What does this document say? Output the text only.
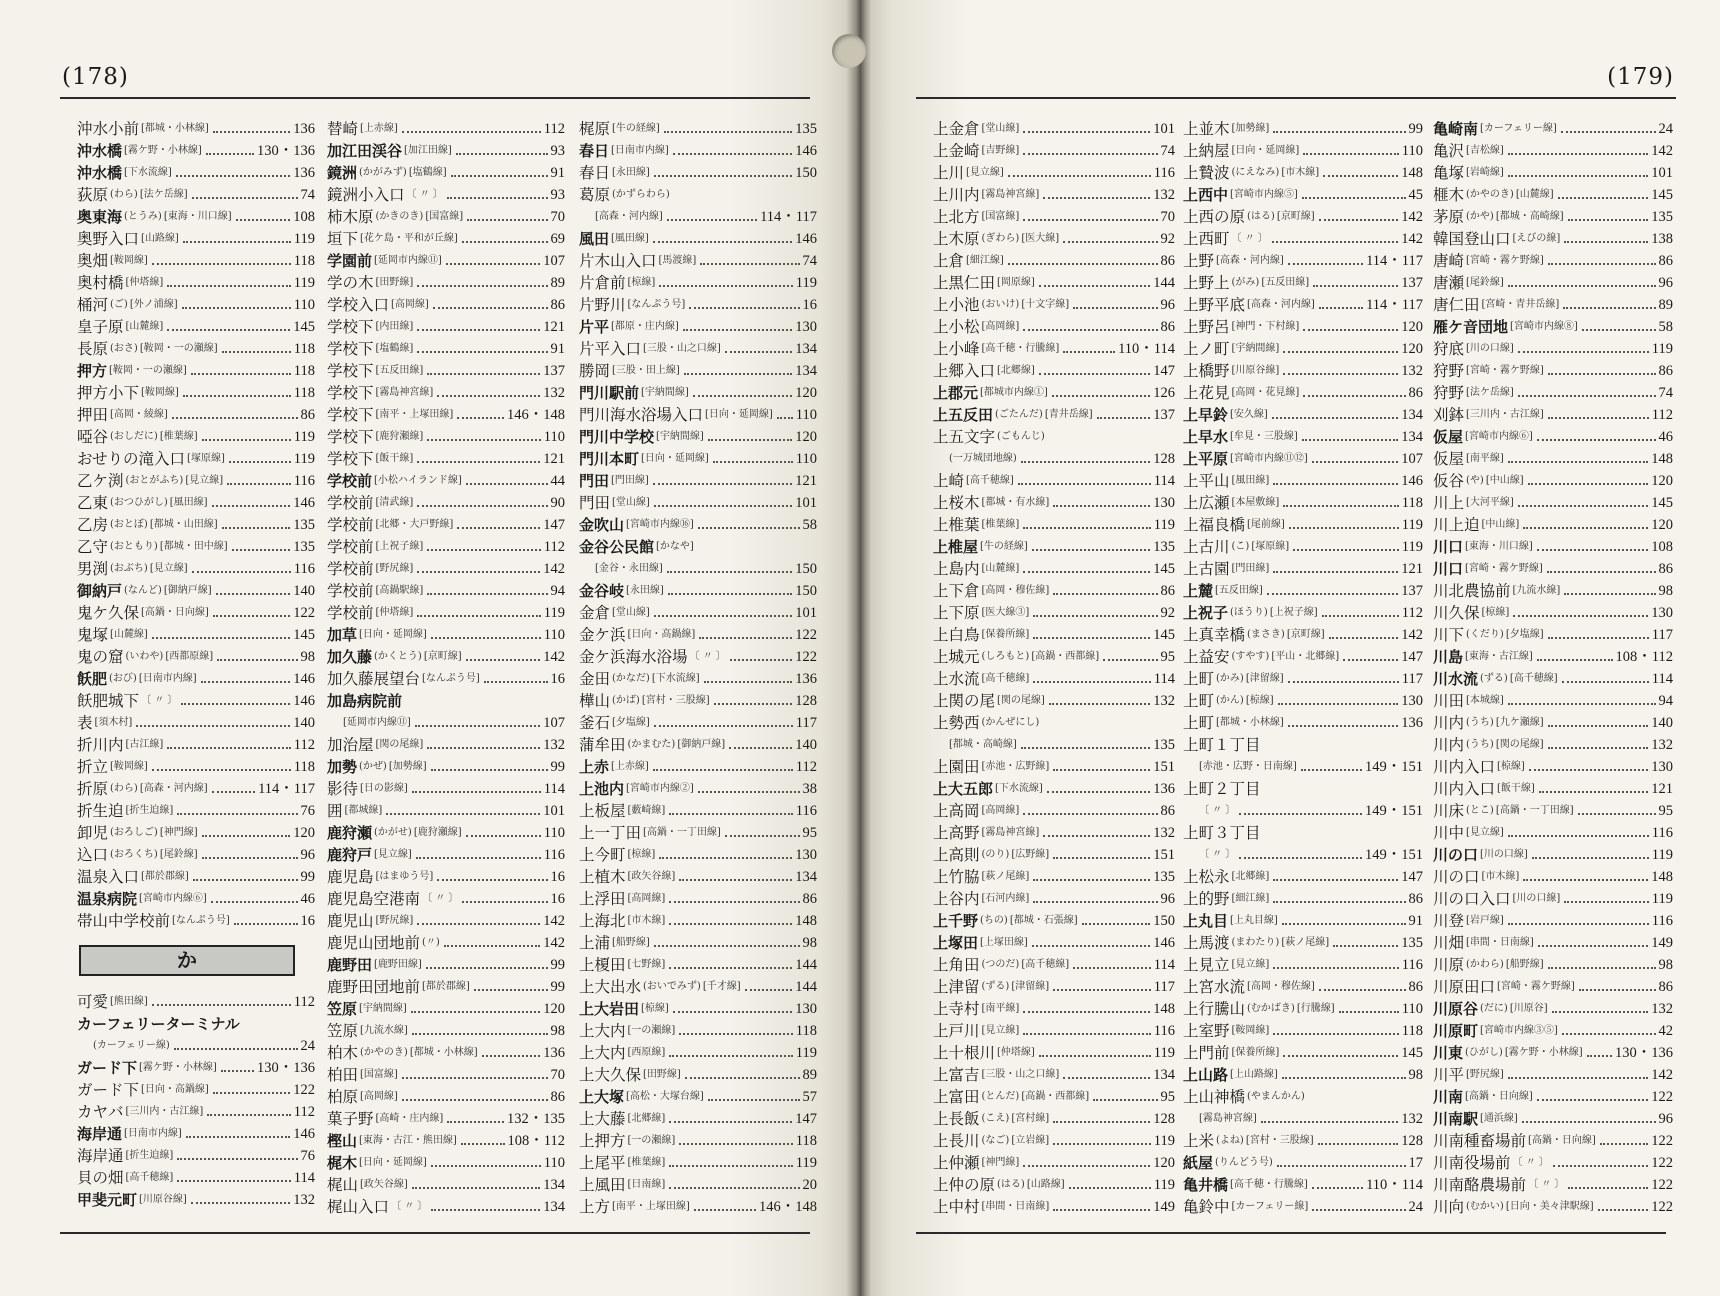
(178)
沖水小前 [都城・小林線]	136
沖水橋 [霧ケ野・小林線]	130・136
沖水橋 [下水流線]	136
荻原 (わら) [法ケ岳線]	74
奥東海 (とうみ) [東海・川口線]	108
奥野入口 [山路線]	119
奥畑 [鞍岡線]	118
奥村橋 [仲塔線]	119
桶河 (ご) [外ノ浦線]	110
皇子原 [山麓線]	145
長原 (おさ) [鞍岡・一の瀬線]	118
押方 [鞍岡・一の瀬線]	118
押方小下 [鞍岡線]	118
押田 [高岡・綾線]	86
啞谷 (おしだに) [椎葉線]	119
おせりの滝入口 [塚原線]	119
乙ケ渕 (おとがふち) [見立線]	116
乙東 (おつひがし) [風田線]	146
乙房 (おとぼ) [都城・山田線]	135
乙守 (おともり) [都城・田中線]	135
男渕 (おぶち) [見立線]	116
御納戸 (なんど) [御納戸線]	140
鬼ケ久保 [高鍋・日向線]	122
鬼塚 [山麓線]	145
鬼の窟 (いわや) [西都原線]	98
飫肥 (おび) [日南市内線]	146
飫肥城下 〔 〃 〕	146
表 [須木村]	140
折川内 [古江線]	112
折立 [鞍岡線]	118
折原 (わら) [高森・河内線]	114・117
折生迫 [折生迫線]	76
卸児 (おろしご) [神門線]	120
込口 (おろくち) [尾鈴線]	96
温泉入口 [都於郡線]	99
温泉病院 [宮崎市内線⑥]	46
帯山中学校前 [なんぷう号]	16
か
可愛 [熊田線]	112
カーフェリーターミナル
(カーフェリー線)	24
ガード下 [霧ケ野・小林線]	130・136
ガード下 [日向・高鍋線]	122
カヤバ [三川内・古江線]	112
海岸通 [日南市内線]	146
海岸通 [折生迫線]	76
貝の畑 [高千穂線]	114
甲斐元町 [川原谷線]	132
替崎 [上赤線]	112
加江田渓谷 [加江田線]	93
鏡洲 (かがみず) [塩鶴線]	91
鏡洲小入口 〔 〃 〕	93
柿木原 (かきのき) [国富線]	70
垣下 [花ケ島・平和が丘線]	69
学園前 [延岡市内線⑪]	107
学の木 [田野線]	89
学校入口 [高岡線]	86
学校下 [内田線]	121
学校下 [塩鶴線]	91
学校下 [五反田線]	137
学校下 [霧島神宮線]	132
学校下 [南平・上塚田線]	146・148
学校下 [鹿狩瀬線]	110
学校下 [飯干線]	121
学校前 [小松ハイランド線]	44
学校前 [清武線]	90
学校前 [北郷・大戸野線]	147
学校前 [上祝子線]	112
学校前 [野尻線]	142
学校前 [高鍋駅線]	94
学校前 [仲塔線]	119
加草 [日向・延岡線]	110
加久藤 (かくとう) [京町線]	142
加久藤展望台 [なんぷう号]	16
加島病院前
[延岡市内線⑪]	107
加治屋 [関の尾線]	132
加勢 (かぜ) [加勢線]	99
影待 [日の影線]	114
囲 [都城線]	101
鹿狩瀬 (かがせ) [鹿狩瀬線]	110
鹿狩戸 [見立線]	116
鹿児島 [はまゆう号]	16
鹿児島空港南 〔 〃 〕	16
鹿児山 [野尻線]	142
鹿児山団地前 (〃)	142
鹿野田 [鹿野田線]	99
鹿野田団地前 [都於郡線]	99
笠原 [宇納間線]	120
笠原 [九流水線]	98
柏木 (かやのき) [都城・小林線]	136
柏田 [国富線]	70
柏原 [高岡線]	86
菓子野 [高崎・庄内線]	132・135
樫山 [東海・古江・熊田線]	108・112
梶木 [日向・延岡線]	110
梶山 [政矢谷線]	134
梶山入口 〔 〃 〕	134
梶原 [牛の経線]	135
春日 [日南市内線]	146
春日 [永田線]	150
葛原 (かずらわら)
[高森・河内線]	114・117
風田 [風田線]	146
片木山入口 [馬渡線]	74
片倉前 [椋線]	119
片野川 [なんぷう号]	16
片平 [都原・庄内線]	130
片平入口 [三股・山之口線]	134
勝岡 [三股・田上線]	134
門川駅前 [宇納間線]	120
門川海水浴場入口 [日向・延岡線] 110
門川中学校 [宇納間線]	120
門川本町 [日向・延岡線]	110
門田 [門田線]	121
門田 [堂山線]	101
金吹山 [宮崎市内線⑯]	58
金谷公民館 [かなや]
[金谷・永田線]	150
金谷岐 [永田線]	150
金倉 [堂山線]	101
金ケ浜 [日向・高鍋線]	122
金ケ浜海水浴場 〔 〃 〕	122
金田 (かなだ) [下水流線]	136
樺山 (かば) [宮村・三股線]	128
釜石 [夕塩線]	117
蒲牟田 (かまむた) [御納戸線]	140
上赤 [上赤線]	112
上池内 [宮崎市内線②]	38
上板屋 [藪崎線]	116
上一丁田 [高鍋・一丁田線]	95
上今町 [椋線]	130
上植木 [政矢谷線]	134
上浮田 [高岡線]	86
上海北 [市木線]	148
上浦 [船野線]	98
上榎田 [七野線]	144
上大出水 (おいでみず) [千才線]	144
上大岩田 [椋線]	130
上大内 [一の瀬線]	118
上大内 [西原線]	119
上大久保 [田野線]	89
上大塚 [高松・大塚台線]	57
上大藤 [北郷線]	147
上押方 [一の瀬線]	118
上尾平 [椎葉線]	119
上風田 [日南線]	20
上方 [南平・上塚田線]	146・148
(179)
上金倉 [堂山線]	101
上金崎 [吉野線]	74
上川 [見立線]	116
上川内 [霧島神宮線]	132
上北方 [国富線]	70
上木原 (ぎわら) [医大線]	92
上倉 [細江線]	86
上黒仁田 [岡原線]	144
上小池 (おいけ) [十文字線]	96
上小松 [高岡線]	86
上小峰 [高千穂・行騰線]	110・114
上郷入口 [北郷線]	147
上郡元 [都城市内線①]	126
上五反田 (ごたんだ) [青井岳線]	137
上五文字 (ごもんじ)
(一万城団地線)	128
上崎 [高千穂線]	114
上桜木 [都城・有水線]	130
上椎葉 [椎葉線]	119
上椎屋 [牛の経線]	135
上島内 [山麓線]	145
上下倉 [高岡・穆佐線]	86
上下原 [医大線③]	92
上白鳥 [保養所線]	145
上城元 (しろもと) [高鍋・西都線]	95
上水流 [高千穂線]	114
上関の尾 [関の尾線]	132
上勢西 (かんぜにし)
[都城・高崎線]	135
上園田 [赤池・広野線]	151
上大五郎 [下水流線]	136
上高岡 [高岡線]	86
上高野 [霧島神宮線]	132
上高則 (のり) [広野線]	151
上竹脇 [萩ノ尾線]	135
上谷内 [石河内線]	96
上千野 (ちの) [都城・石張線]	150
上塚田 [上塚田線]	146
上角田 (つのだ) [高千穂線]	114
上津留 (ずる) [津留線]	117
上寺村 [南平線]	148
上戸川 [見立線]	116
上十根川 [仲塔線]	119
上富吉 [三股・山之口線]	134
上富田 (とんだ) [高鍋・西都線]	95
上長飯 (こえ) [宮村線]	128
上長川 (なご) [立岩線]	119
上仲瀬 [神門線]	120
上仲の原 (はる) [山路線]	119
上中村 [串間・日南線]	149
上並木 [加勢線]	99
上納屋 [日向・延岡線]	110
上贄波 (にえなみ) [市木線]	148
上西中 [宮崎市内線⑤]	45
上西の原 (はる) [京町線]	142
上西町 〔 〃 〕	142
上野 [高森・河内線]	114・117
上野上 (がみ) [五反田線]	137
上野平底 [高森・河内線]	114・117
上野呂 [神門・下村線]	120
上ノ町 [宇納間線]	120
上橋野 [川原谷線]	132
上花見 [高岡・花見線]	86
上早鈴 [安久線]	134
上早水 [牟見・三股線]	134
上平原 [宮崎市内線⑪⑫]	107
上平山 [風田線]	146
上広瀬 [本屋敷線]	118
上福良橋 [尾前線]	119
上古川 (こ) [塚原線]	119
上古園 [門田線]	121
上麓 [五反田線]	137
上祝子 (ほうり) [上祝子線]	112
上真幸橋 (まさき) [京町線]	142
上益安 (すやす) [平山・北郷線]	147
上町 (かみ) [津留線]	117
上町 (かん) [椋線]	130
上町 [都城・小林線]	136
上町１丁目
[赤池・広野・日南線]	149・151
上町２丁目
〔 〃 〕	149・151
上町３丁目
〔 〃 〕	149・151
上松永 [北郷線]	147
上的野 [細江線]	86
上丸目 [上丸目線]	91
上馬渡 (まわたり) [萩ノ尾線]	135
上見立 [見立線]	116
上宮水流 [高岡・穆佐線]	86
上行騰山 (むかばき) [行騰線]	110
上室野 [鞍岡線]	118
上門前 [保養所線]	145
上山路 [上山路線]	98
上山神橋 (やまんかん)
[霧島神宮線]	132
上米 (よね) [宮村・三股線]	128
紙屋 (りんどう号)	17
亀井橋 [高千穂・行騰線]	110・114
亀鈴中 [カーフェリー線]	24
亀崎南 [カーフェリー線]	24
亀沢 [吉松線]	142
亀塚 [岩崎線]	101
榧木 (かやのき) [山麓線]	145
茅原 (かや) [都城・高崎線]	135
韓国登山口 [えびの線]	138
唐崎 [宮崎・霧ケ野線]	86
唐瀬 [尾鈴線]	96
唐仁田 [宮崎・青井岳線]	89
雁ケ音団地 [宮崎市内線⑧]	58
狩底 [川の口線]	119
狩野 [宮崎・霧ケ野線]	86
狩野 [法ケ岳線]	74
刈鉢 [三川内・古江線]	112
仮屋 [宮崎市内線⑥]	46
仮屋 [南平線]	148
仮谷 (や) [中山線]	120
川上 [大河平線]	145
川上迫 [中山線]	120
川口 [東海・川口線]	108
川口 [宮崎・霧ケ野線]	86
川北農協前 [九流水線]	98
川久保 [椋線]	130
川下 (くだり) [夕塩線]	117
川島 [東海・古江線]	108・112
川水流 (ずる) [高千穂線]	114
川田 [本城線]	94
川内 (うち) [九ケ瀬線]	140
川内 (うち) [関の尾線]	132
川内入口 [椋線]	130
川内入口 [飯干線]	121
川床 (とこ) [高鍋・一丁田線]	95
川中 [見立線]	116
川の口 [川の口線]	119
川の口 [市木線]	148
川の口入口 [川の口線]	119
川登 [岩戸線]	116
川畑 [串間・日南線]	149
川原 (かわら) [船野線]	98
川原田口 [宮崎・霧ケ野線]	86
川原谷 (だに) [川原谷]	132
川原町 [宮崎市内線③⑤]	42
川東 (ひがし) [霧ケ野・小林線] 130・136
川平 [野尻線]	142
川南 [高鍋・日向線]	122
川南駅 [通浜線]	96
川南種畜場前 [高鍋・日向線]	122
川南役場前 〔 〃 〕	122
川南酪農場前 〔 〃 〕	122
川向 (むかい) [日向・美々津駅線]	122
